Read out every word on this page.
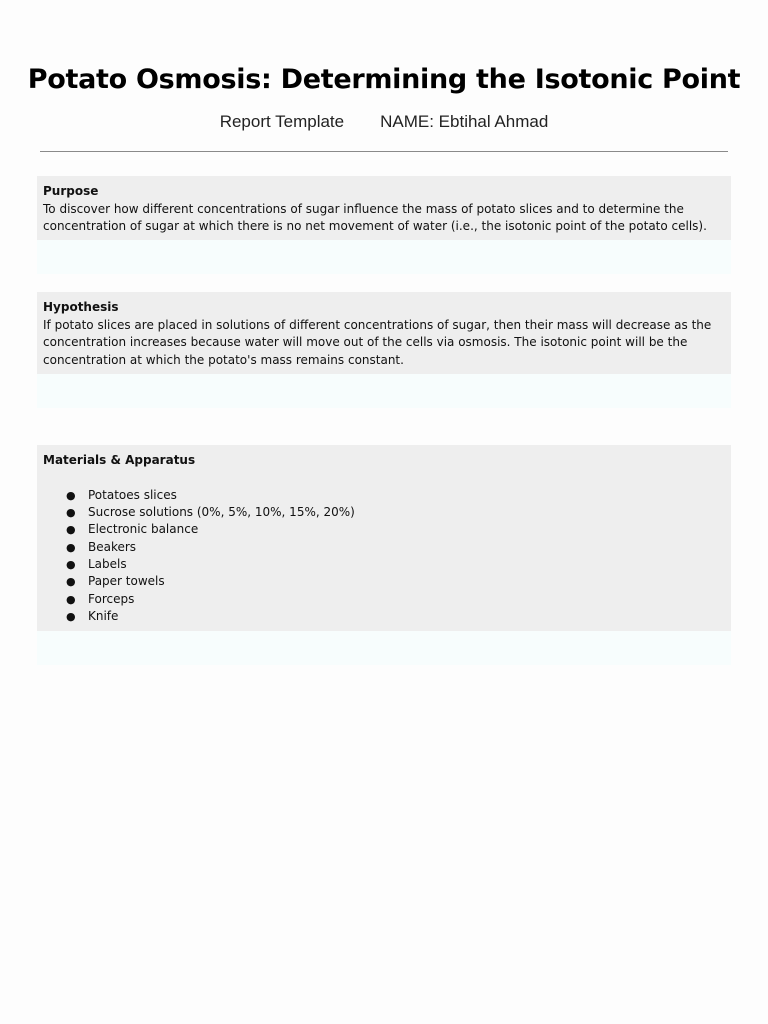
Potato Osmosis: Determining the Isotonic Point
Report Template NAME: Ebtihal Ahmad
Purpose

To discover how different concentrations of sugar influence the mass of potato slices and to determine the concentration of sugar at which there is no net movement of water (i.e., the isotonic point of the potato cells).

Hypothesis

If potato slices are placed in solutions of different concentrations of sugar, then their mass will decrease as the concentration increases because water will move out of the cells via osmosis. The isotonic point will be the concentration at which the potato's mass remains constant.

Materials & Apparatus
● Potatoes slices
● Sucrose solutions (0%, 5%, 10%, 15%, 20%)
● Electronic balance
● Beakers
● Labels
● Paper towels
● Forceps
● Knife
